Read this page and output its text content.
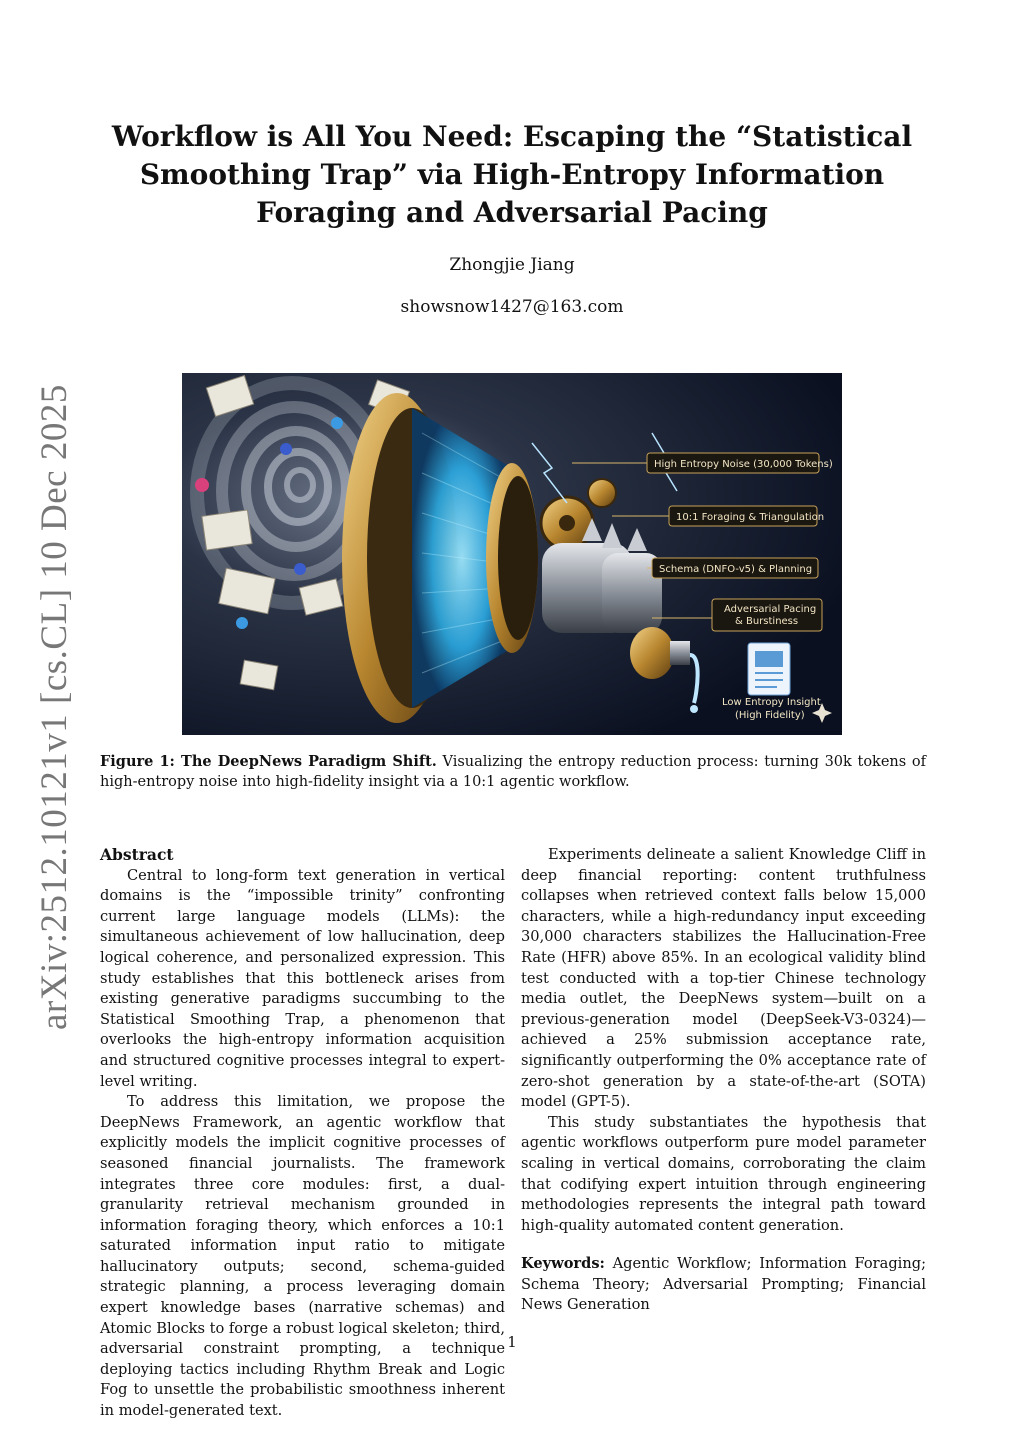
arXiv:2512.10121v1 [cs.CL] 10 Dec 2025
Workflow is All You Need: Escaping the “Statistical Smoothing Trap” via High-Entropy Information Foraging and Adversarial Pacing
Zhongjie Jiang
showsnow1427@163.com
High Entropy Noise (30,000 Tokens)
10:1 Foraging & Triangulation
Schema (DNFO-v5) & Planning
Adversarial Pacing
& Burstiness
Low Entropy Insight
(High Fidelity)
Figure 1: The DeepNews Paradigm Shift. Visualizing the entropy reduction process: turning 30k tokens of high-entropy noise into high-fidelity insight via a 10:1 agentic workflow.
Abstract

Central to long-form text generation in vertical domains is the “impossible trinity” confronting current large language models (LLMs): the simultaneous achievement of low hallucination, deep logical coherence, and personalized expression. This study establishes that this bottleneck arises from existing generative paradigms succumbing to the Statistical Smoothing Trap, a phenomenon that overlooks the high-entropy information acquisition and structured cognitive processes integral to expert-level writing.

To address this limitation, we propose the DeepNews Framework, an agentic workflow that explicitly models the implicit cognitive processes of seasoned financial journalists. The framework integrates three core modules: first, a dual-granularity retrieval mechanism grounded in information foraging theory, which enforces a 10:1 saturated information input ratio to mitigate hallucinatory outputs; second, schema-guided strategic planning, a process leveraging domain expert knowledge bases (narrative schemas) and Atomic Blocks to forge a robust logical skeleton; third, adversarial constraint prompting, a technique deploying tactics including Rhythm Break and Logic Fog to unsettle the probabilistic smoothness inherent in model-generated text.

Experiments delineate a salient Knowledge Cliff in deep financial reporting: content truthfulness collapses when retrieved context falls below 15,000 characters, while a high-redundancy input exceeding 30,000 characters stabilizes the Hallucination-Free Rate (HFR) above 85%. In an ecological validity blind test conducted with a top-tier Chinese technology media outlet, the DeepNews system—built on a previous-generation model (DeepSeek-V3-0324)—achieved a 25% submission acceptance rate, significantly outperforming the 0% acceptance rate of zero-shot generation by a state-of-the-art (SOTA) model (GPT-5).

This study substantiates the hypothesis that agentic workflows outperform pure model parameter scaling in vertical domains, corroborating the claim that codifying expert intuition through engineering methodologies represents the integral path toward high-quality automated content generation.

Keywords: Agentic Workflow; Information Foraging; Schema Theory; Adversarial Prompting; Financial News Generation

1
